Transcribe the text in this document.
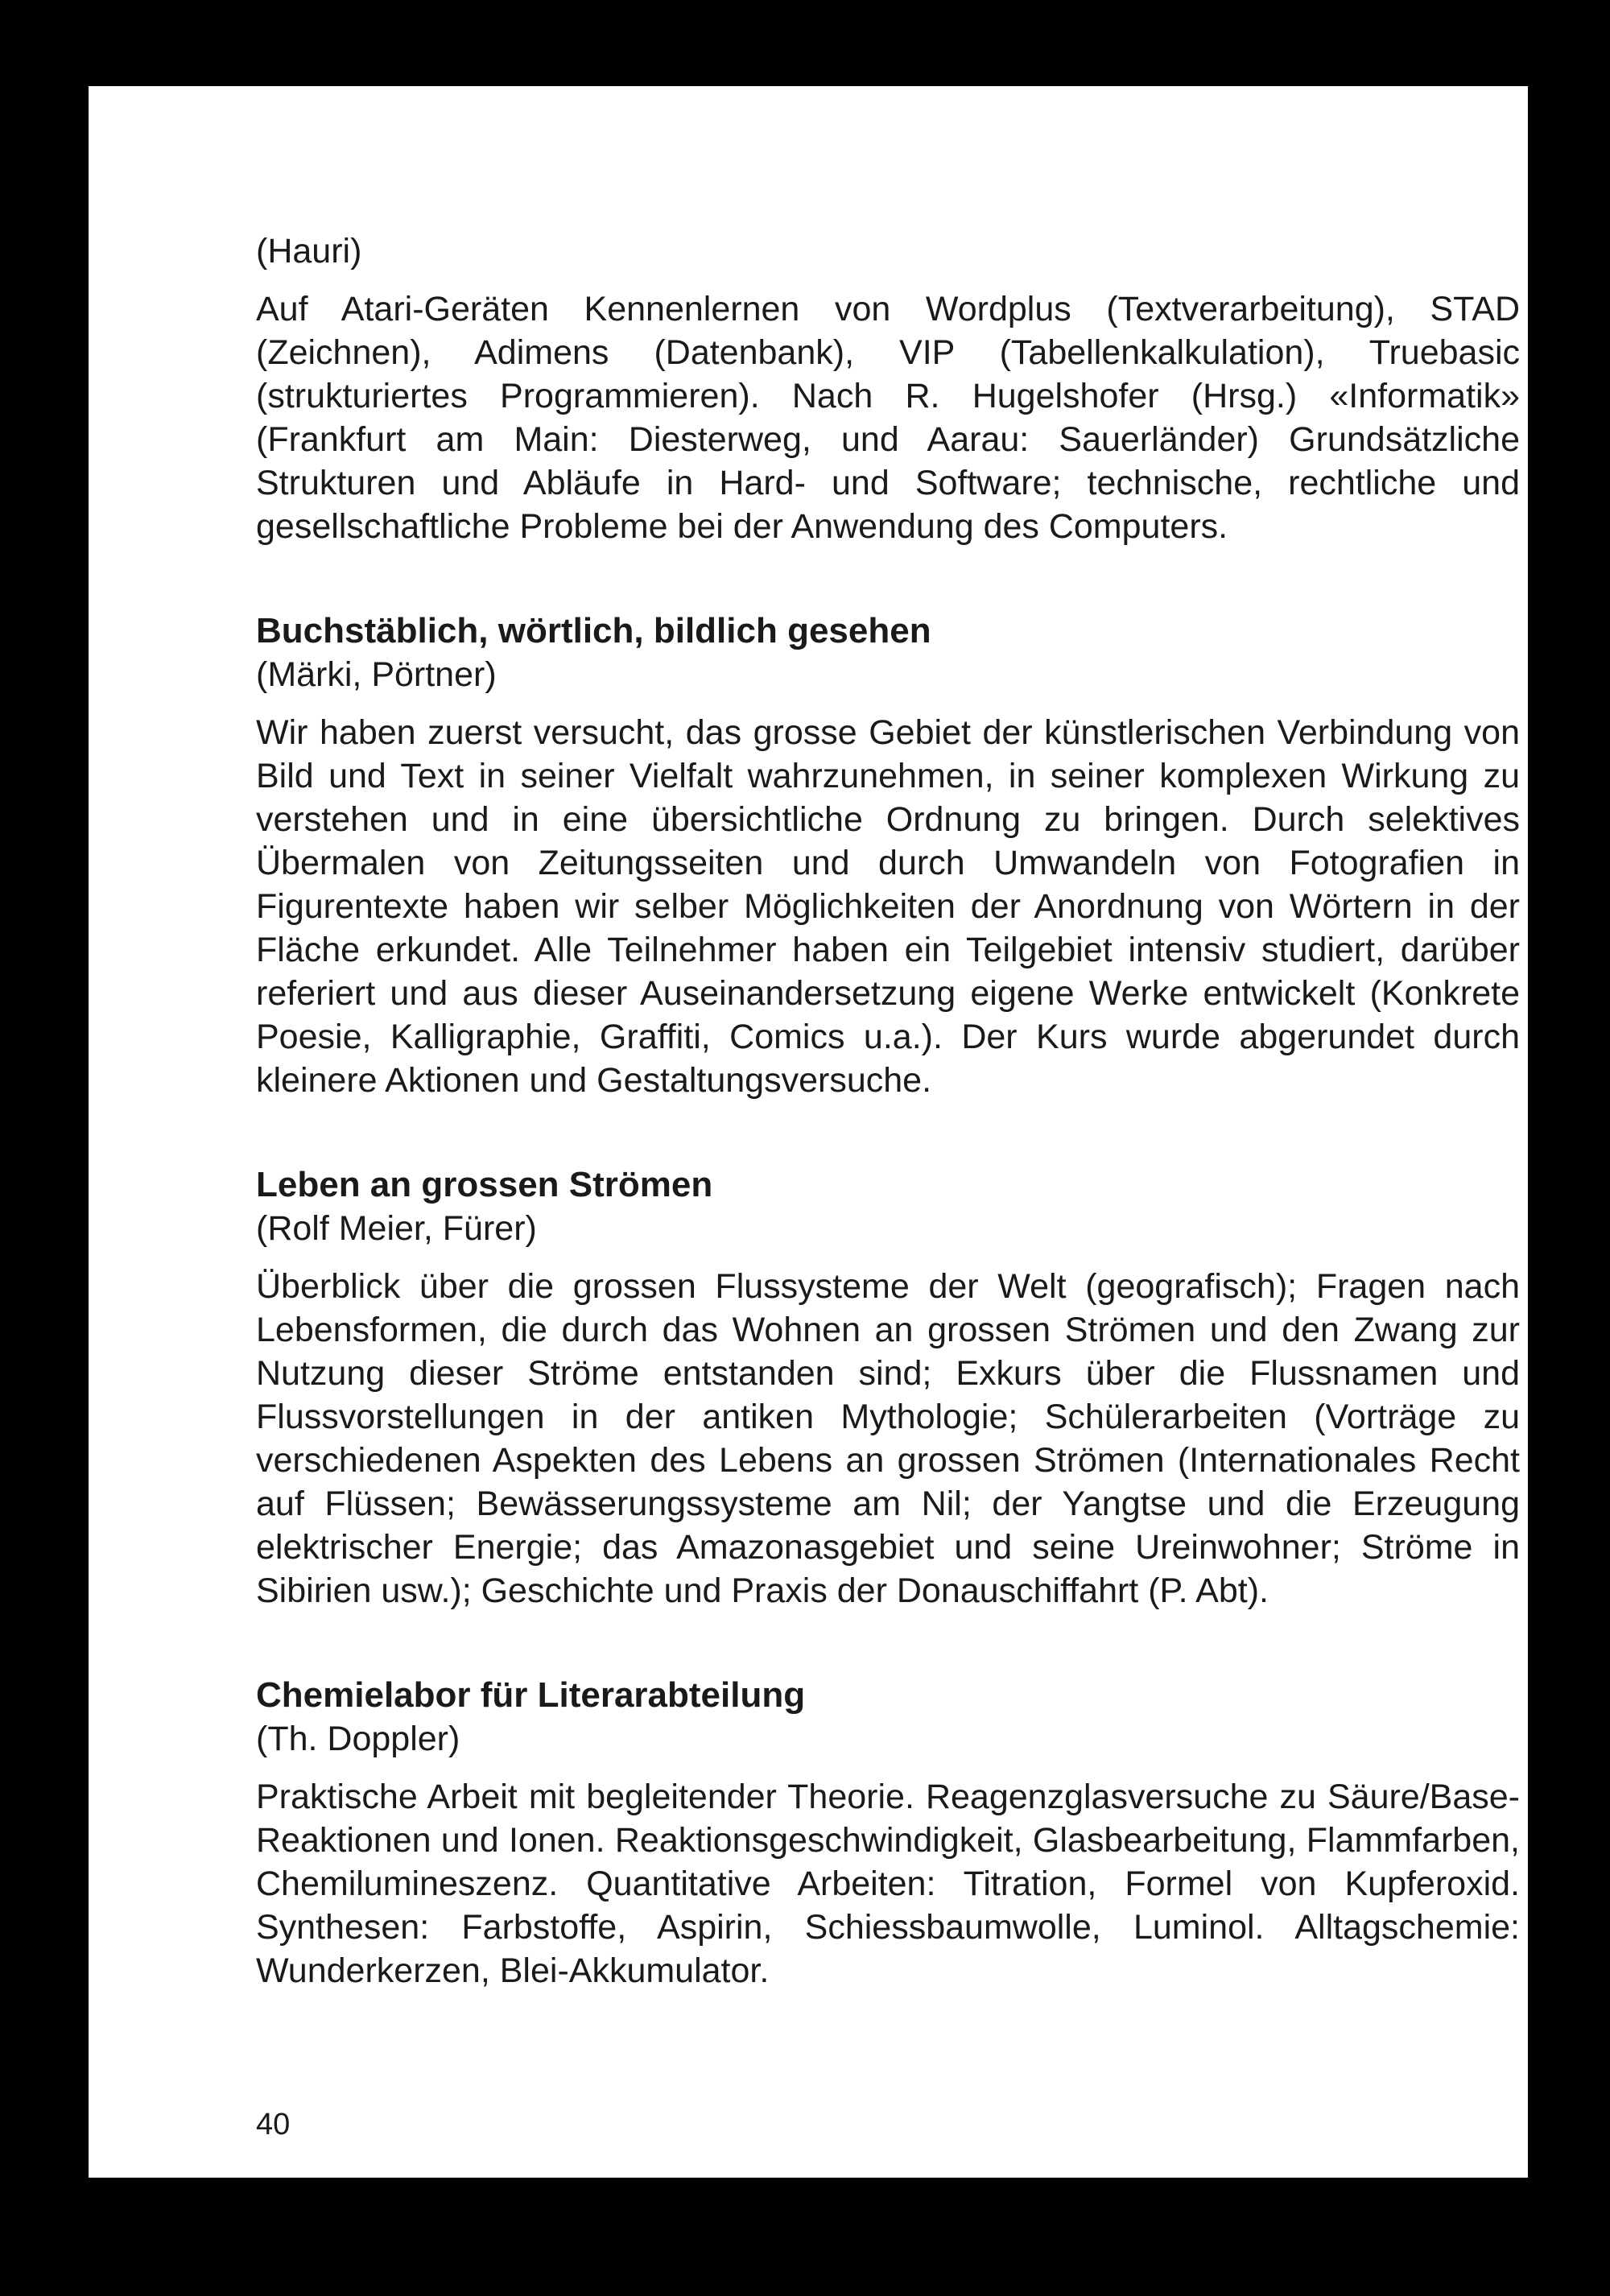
(Hauri)

Auf Atari-Geräten Kennenlernen von Wordplus (Textverarbeitung), STAD (Zeichnen), Adimens (Datenbank), VIP (Tabellenkalkulation), Truebasic (strukturiertes Programmieren). Nach R. Hugelshofer (Hrsg.) «Informatik» (Frankfurt am Main: Diesterweg, und Aarau: Sauerländer) Grundsätzliche Strukturen und Abläufe in Hard- und Software; technische, rechtliche und gesellschaftliche Probleme bei der Anwendung des Computers.

Buchstäblich, wörtlich, bildlich gesehen

(Märki, Pörtner)

Wir haben zuerst versucht, das grosse Gebiet der künstlerischen Verbindung von Bild und Text in seiner Vielfalt wahrzunehmen, in seiner komplexen Wirkung zu verstehen und in eine übersichtliche Ordnung zu bringen. Durch selektives Übermalen von Zeitungsseiten und durch Umwandeln von Fotografien in Figurentexte haben wir selber Möglichkeiten der Anordnung von Wörtern in der Fläche erkundet. Alle Teilnehmer haben ein Teilgebiet intensiv studiert, darüber referiert und aus dieser Auseinandersetzung eigene Werke entwickelt (Konkrete Poesie, Kalligraphie, Graffiti, Comics u.a.). Der Kurs wurde abgerundet durch kleinere Aktionen und Gestaltungsversuche.

Leben an grossen Strömen

(Rolf Meier, Fürer)

Überblick über die grossen Flussysteme der Welt (geografisch); Fragen nach Lebensformen, die durch das Wohnen an grossen Strömen und den Zwang zur Nutzung dieser Ströme entstanden sind; Exkurs über die Flussnamen und Flussvorstellungen in der antiken Mythologie; Schülerarbeiten (Vorträge zu verschiedenen Aspekten des Lebens an grossen Strömen (Internationales Recht auf Flüssen; Bewässerungssysteme am Nil; der Yangtse und die Erzeugung elektrischer Energie; das Amazonasgebiet und seine Ureinwohner; Ströme in Sibirien usw.); Geschichte und Praxis der Donauschiffahrt (P. Abt).

Chemielabor für Literarabteilung

(Th. Doppler)

Praktische Arbeit mit begleitender Theorie. Reagenzglasversuche zu Säure/Base-Reaktionen und Ionen. Reaktionsgeschwindigkeit, Glasbearbeitung, Flammfarben, Chemilumineszenz. Quantitative Arbeiten: Titration, Formel von Kupferoxid. Synthesen: Farbstoffe, Aspirin, Schiessbaumwolle, Luminol. Alltagschemie: Wunderkerzen, Blei-Akkumulator.

40
